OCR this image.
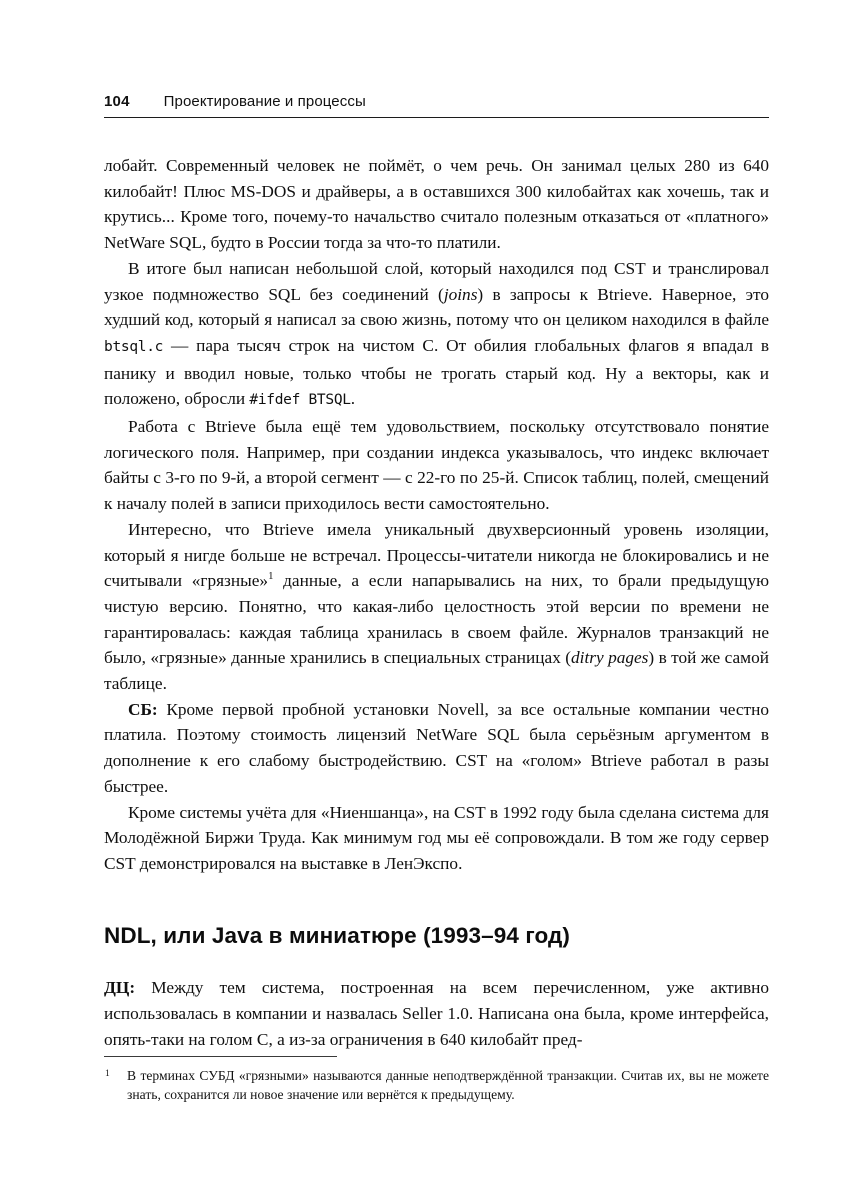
104 Проектирование и процессы

лобайт. Современный человек не поймёт, о чем речь. Он занимал целых 280 из 640 килобайт! Плюс MS-DOS и драйверы, а в оставшихся 300 килобайтах как хочешь, так и крутись... Кроме того, почему-то начальство считало полезным отказаться от «платного» NetWare SQL, будто в России тогда за что-то платили.

В итоге был написан небольшой слой, который находился под CST и транслировал узкое подмножество SQL без соединений (joins) в запросы к Btrieve. Наверное, это худший код, который я написал за свою жизнь, потому что он целиком находился в файле btsql.c — пара тысяч строк на чистом C. От обилия глобальных флагов я впадал в панику и вводил новые, только чтобы не трогать старый код. Ну а векторы, как и положено, обросли #ifdef BTSQL.

Работа с Btrieve была ещё тем удовольствием, поскольку отсутствовало понятие логического поля. Например, при создании индекса указывалось, что индекс включает байты с 3-го по 9-й, а второй сегмент — с 22-го по 25-й. Список таблиц, полей, смещений к началу полей в записи приходилось вести самостоятельно.

Интересно, что Btrieve имела уникальный двухверсионный уровень изоляции, который я нигде больше не встречал. Процессы-читатели никогда не блокировались и не считывали «грязные»$^1$ данные, а если напарывались на них, то брали предыдущую чистую версию. Понятно, что какая-либо целостность этой версии по времени не гарантировалась: каждая таблица хранилась в своем файле. Журналов транзакций не было, «грязные» данные хранились в специальных страницах (ditry pages) в той же самой таблице.

СБ: Кроме первой пробной установки Novell, за все остальные компании честно платила. Поэтому стоимость лицензий NetWare SQL была серьёзным аргументом в дополнение к его слабому быстродействию. CST на «голом» Btrieve работал в разы быстрее.

Кроме системы учёта для «Ниеншанца», на CST в 1992 году была сделана система для Молодёжной Биржи Труда. Как минимум год мы её сопровождали. В том же году сервер CST демонстрировался на выставке в ЛенЭкспо.

NDL, или Java в миниатюре (1993–94 год)

ДЦ: Между тем система, построенная на всем перечисленном, уже активно использовалась в компании и назвалась Seller 1.0. Написана она была, кроме интерфейса, опять-таки на голом C, а из-за ограничения в 640 килобайт пред-

1 В терминах СУБД «грязными» называются данные неподтверждённой транзакции. Считав их, вы не можете знать, сохранится ли новое значение или вернётся к предыдущему.
